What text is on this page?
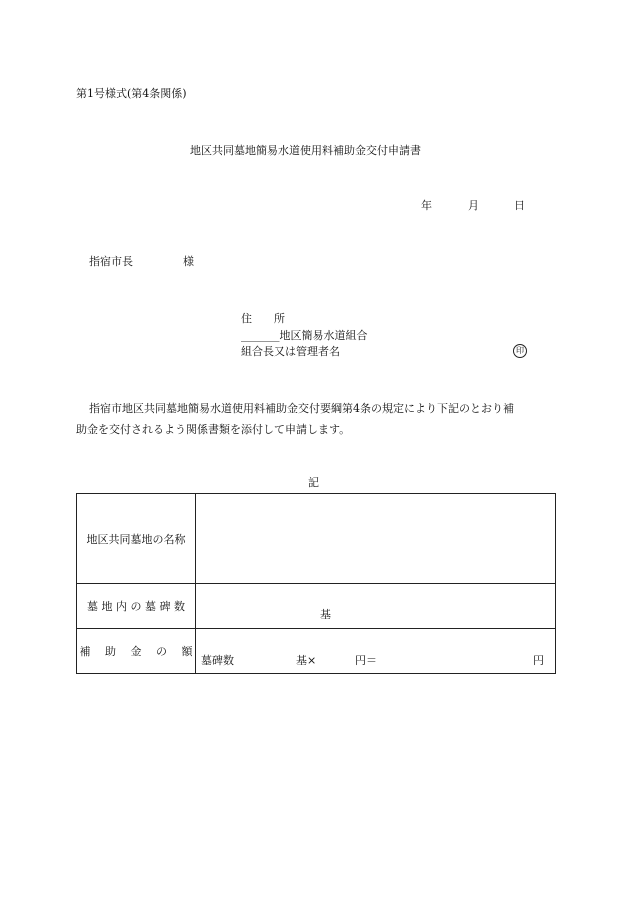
第1号様式(第4条関係)
地区共同墓地簡易水道使用料補助金交付申請書
年	月	日
指宿市長	様
住　　所
_______地区簡易水道組合
組合長又は管理者名	印
指宿市地区共同墓地簡易水道使用料補助金交付要綱第4条の規定により下記のとおり補
助金を交付されるよう関係書類を添付して申請します。
記
地区共同墓地の名称	
墓 地 内 の 墓 碑 数	基

補　 助　 金　 の　 額	墓碑数 基× 円＝ 円
